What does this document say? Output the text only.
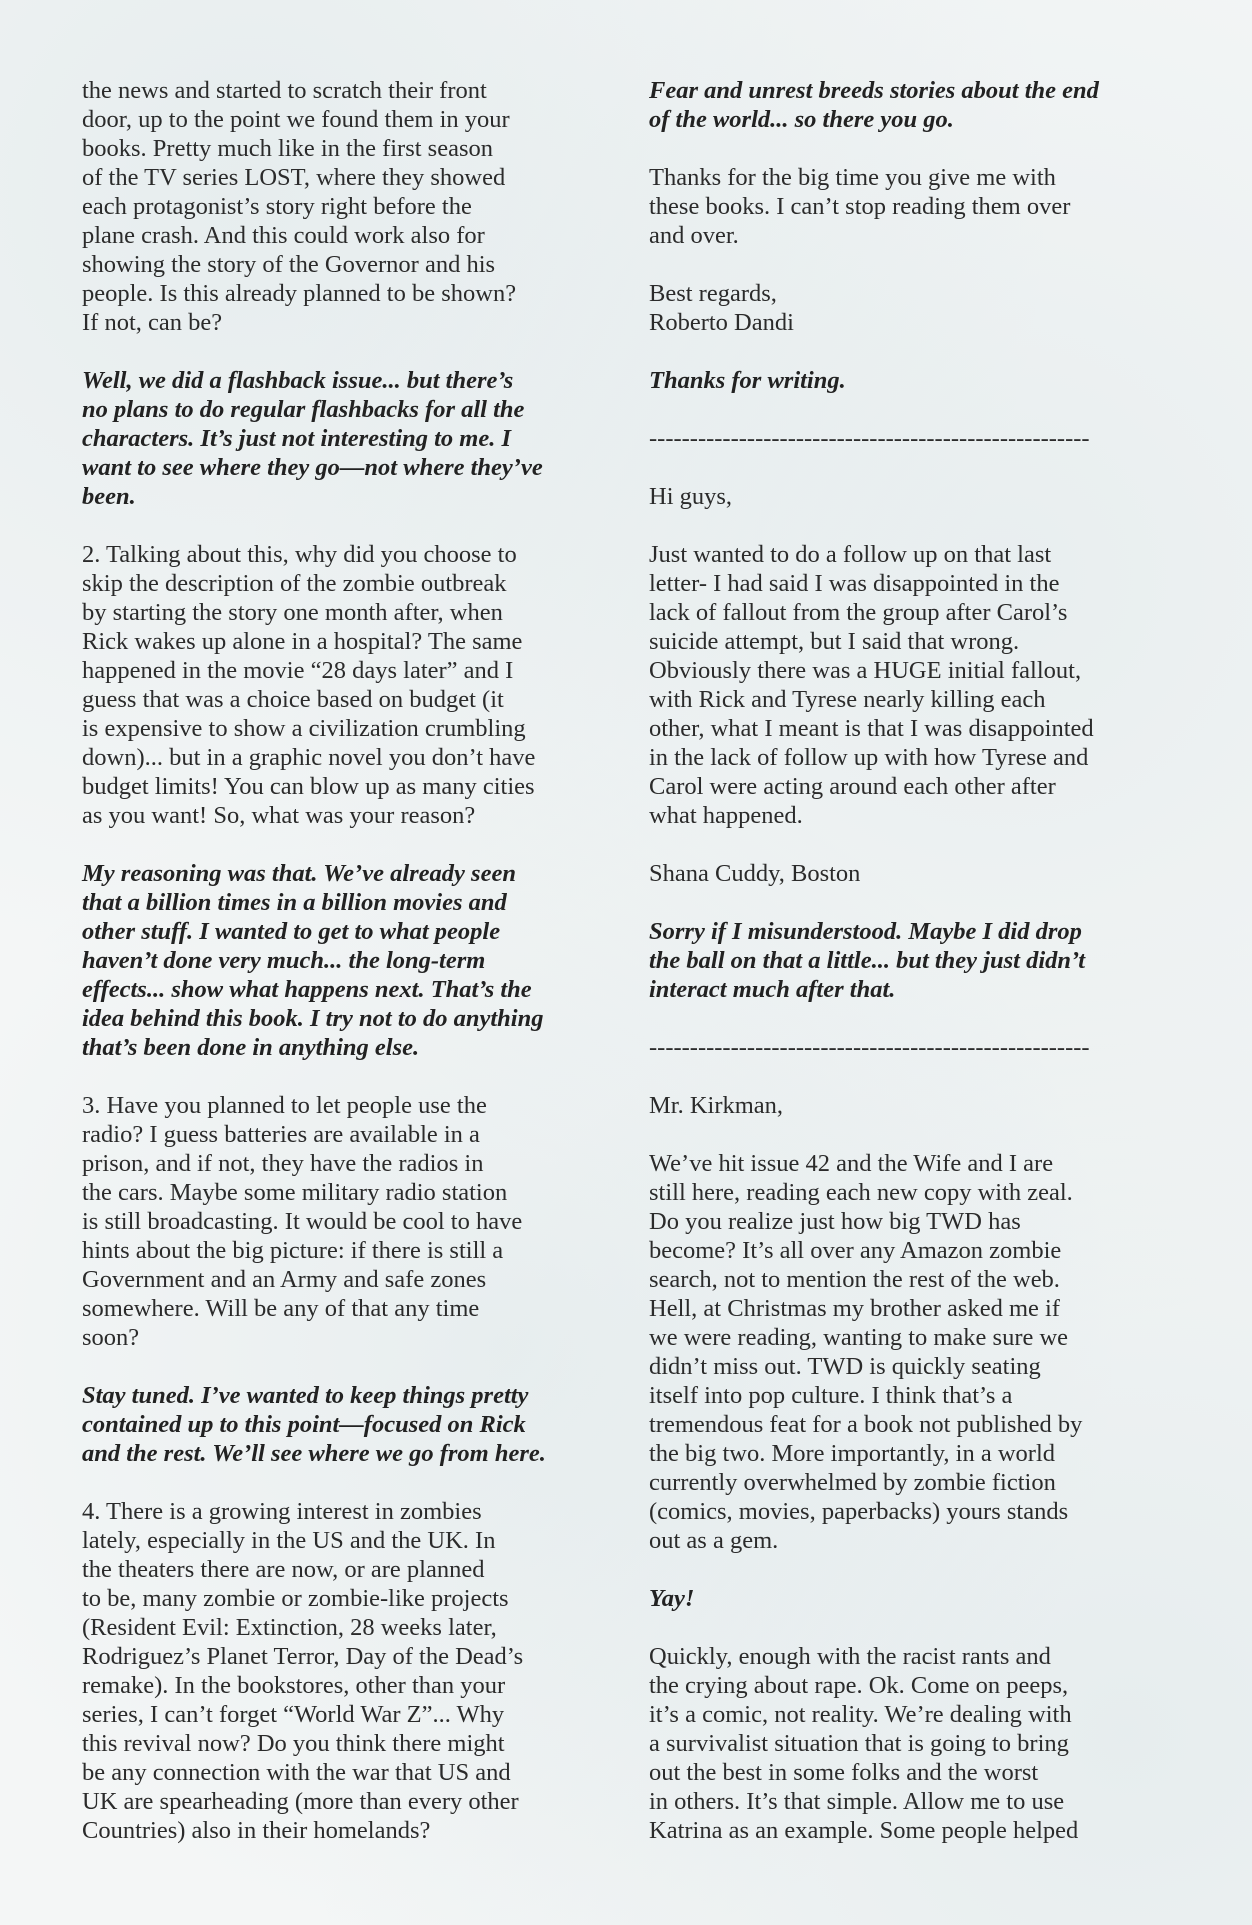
the news and started to scratch their front
door, up to the point we found them in your
books. Pretty much like in the first season
of the TV series LOST, where they showed
each protagonist’s story right before the
plane crash. And this could work also for
showing the story of the Governor and his
people. Is this already planned to be shown?
If not, can be?

Well, we did a flashback issue... but there’s
no plans to do regular flashbacks for all the
characters. It’s just not interesting to me. I
want to see where they go—not where they’ve
been.

2. Talking about this, why did you choose to
skip the description of the zombie outbreak
by starting the story one month after, when
Rick wakes up alone in a hospital? The same
happened in the movie “28 days later” and I
guess that was a choice based on budget (it
is expensive to show a civilization crumbling
down)... but in a graphic novel you don’t have
budget limits! You can blow up as many cities
as you want! So, what was your reason?

My reasoning was that. We’ve already seen
that a billion times in a billion movies and
other stuff. I wanted to get to what people
haven’t done very much... the long-term
effects... show what happens next. That’s the
idea behind this book. I try not to do anything
that’s been done in anything else.

3. Have you planned to let people use the
radio? I guess batteries are available in a
prison, and if not, they have the radios in
the cars. Maybe some military radio station
is still broadcasting. It would be cool to have
hints about the big picture: if there is still a
Government and an Army and safe zones
somewhere. Will be any of that any time
soon?

Stay tuned. I’ve wanted to keep things pretty
contained up to this point—focused on Rick
and the rest. We’ll see where we go from here.

4. There is a growing interest in zombies
lately, especially in the US and the UK. In
the theaters there are now, or are planned
to be, many zombie or zombie-like projects
(Resident Evil: Extinction, 28 weeks later,
Rodriguez’s Planet Terror, Day of the Dead’s
remake). In the bookstores, other than your
series, I can’t forget “World War Z”... Why
this revival now? Do you think there might
be any connection with the war that US and
UK are spearheading (more than every other
Countries) also in their homelands?

Fear and unrest breeds stories about the end
of the world... so there you go.

Thanks for the big time you give me with
these books. I can’t stop reading them over
and over.

Best regards,
Roberto Dandi

Thanks for writing.

------------------------------------------------------

Hi guys,

Just wanted to do a follow up on that last
letter- I had said I was disappointed in the
lack of fallout from the group after Carol’s
suicide attempt, but I said that wrong.
Obviously there was a HUGE initial fallout,
with Rick and Tyrese nearly killing each
other, what I meant is that I was disappointed
in the lack of follow up with how Tyrese and
Carol were acting around each other after
what happened.

Shana Cuddy, Boston

Sorry if I misunderstood. Maybe I did drop
the ball on that a little... but they just didn’t
interact much after that.

------------------------------------------------------

Mr. Kirkman,

We’ve hit issue 42 and the Wife and I are
still here, reading each new copy with zeal.
Do you realize just how big TWD has
become? It’s all over any Amazon zombie
search, not to mention the rest of the web.
Hell, at Christmas my brother asked me if
we were reading, wanting to make sure we
didn’t miss out. TWD is quickly seating
itself into pop culture. I think that’s a
tremendous feat for a book not published by
the big two. More importantly, in a world
currently overwhelmed by zombie fiction
(comics, movies, paperbacks) yours stands
out as a gem.

Yay!

Quickly, enough with the racist rants and
the crying about rape. Ok. Come on peeps,
it’s a comic, not reality. We’re dealing with
a survivalist situation that is going to bring
out the best in some folks and the worst
in others. It’s that simple. Allow me to use
Katrina as an example. Some people helped
